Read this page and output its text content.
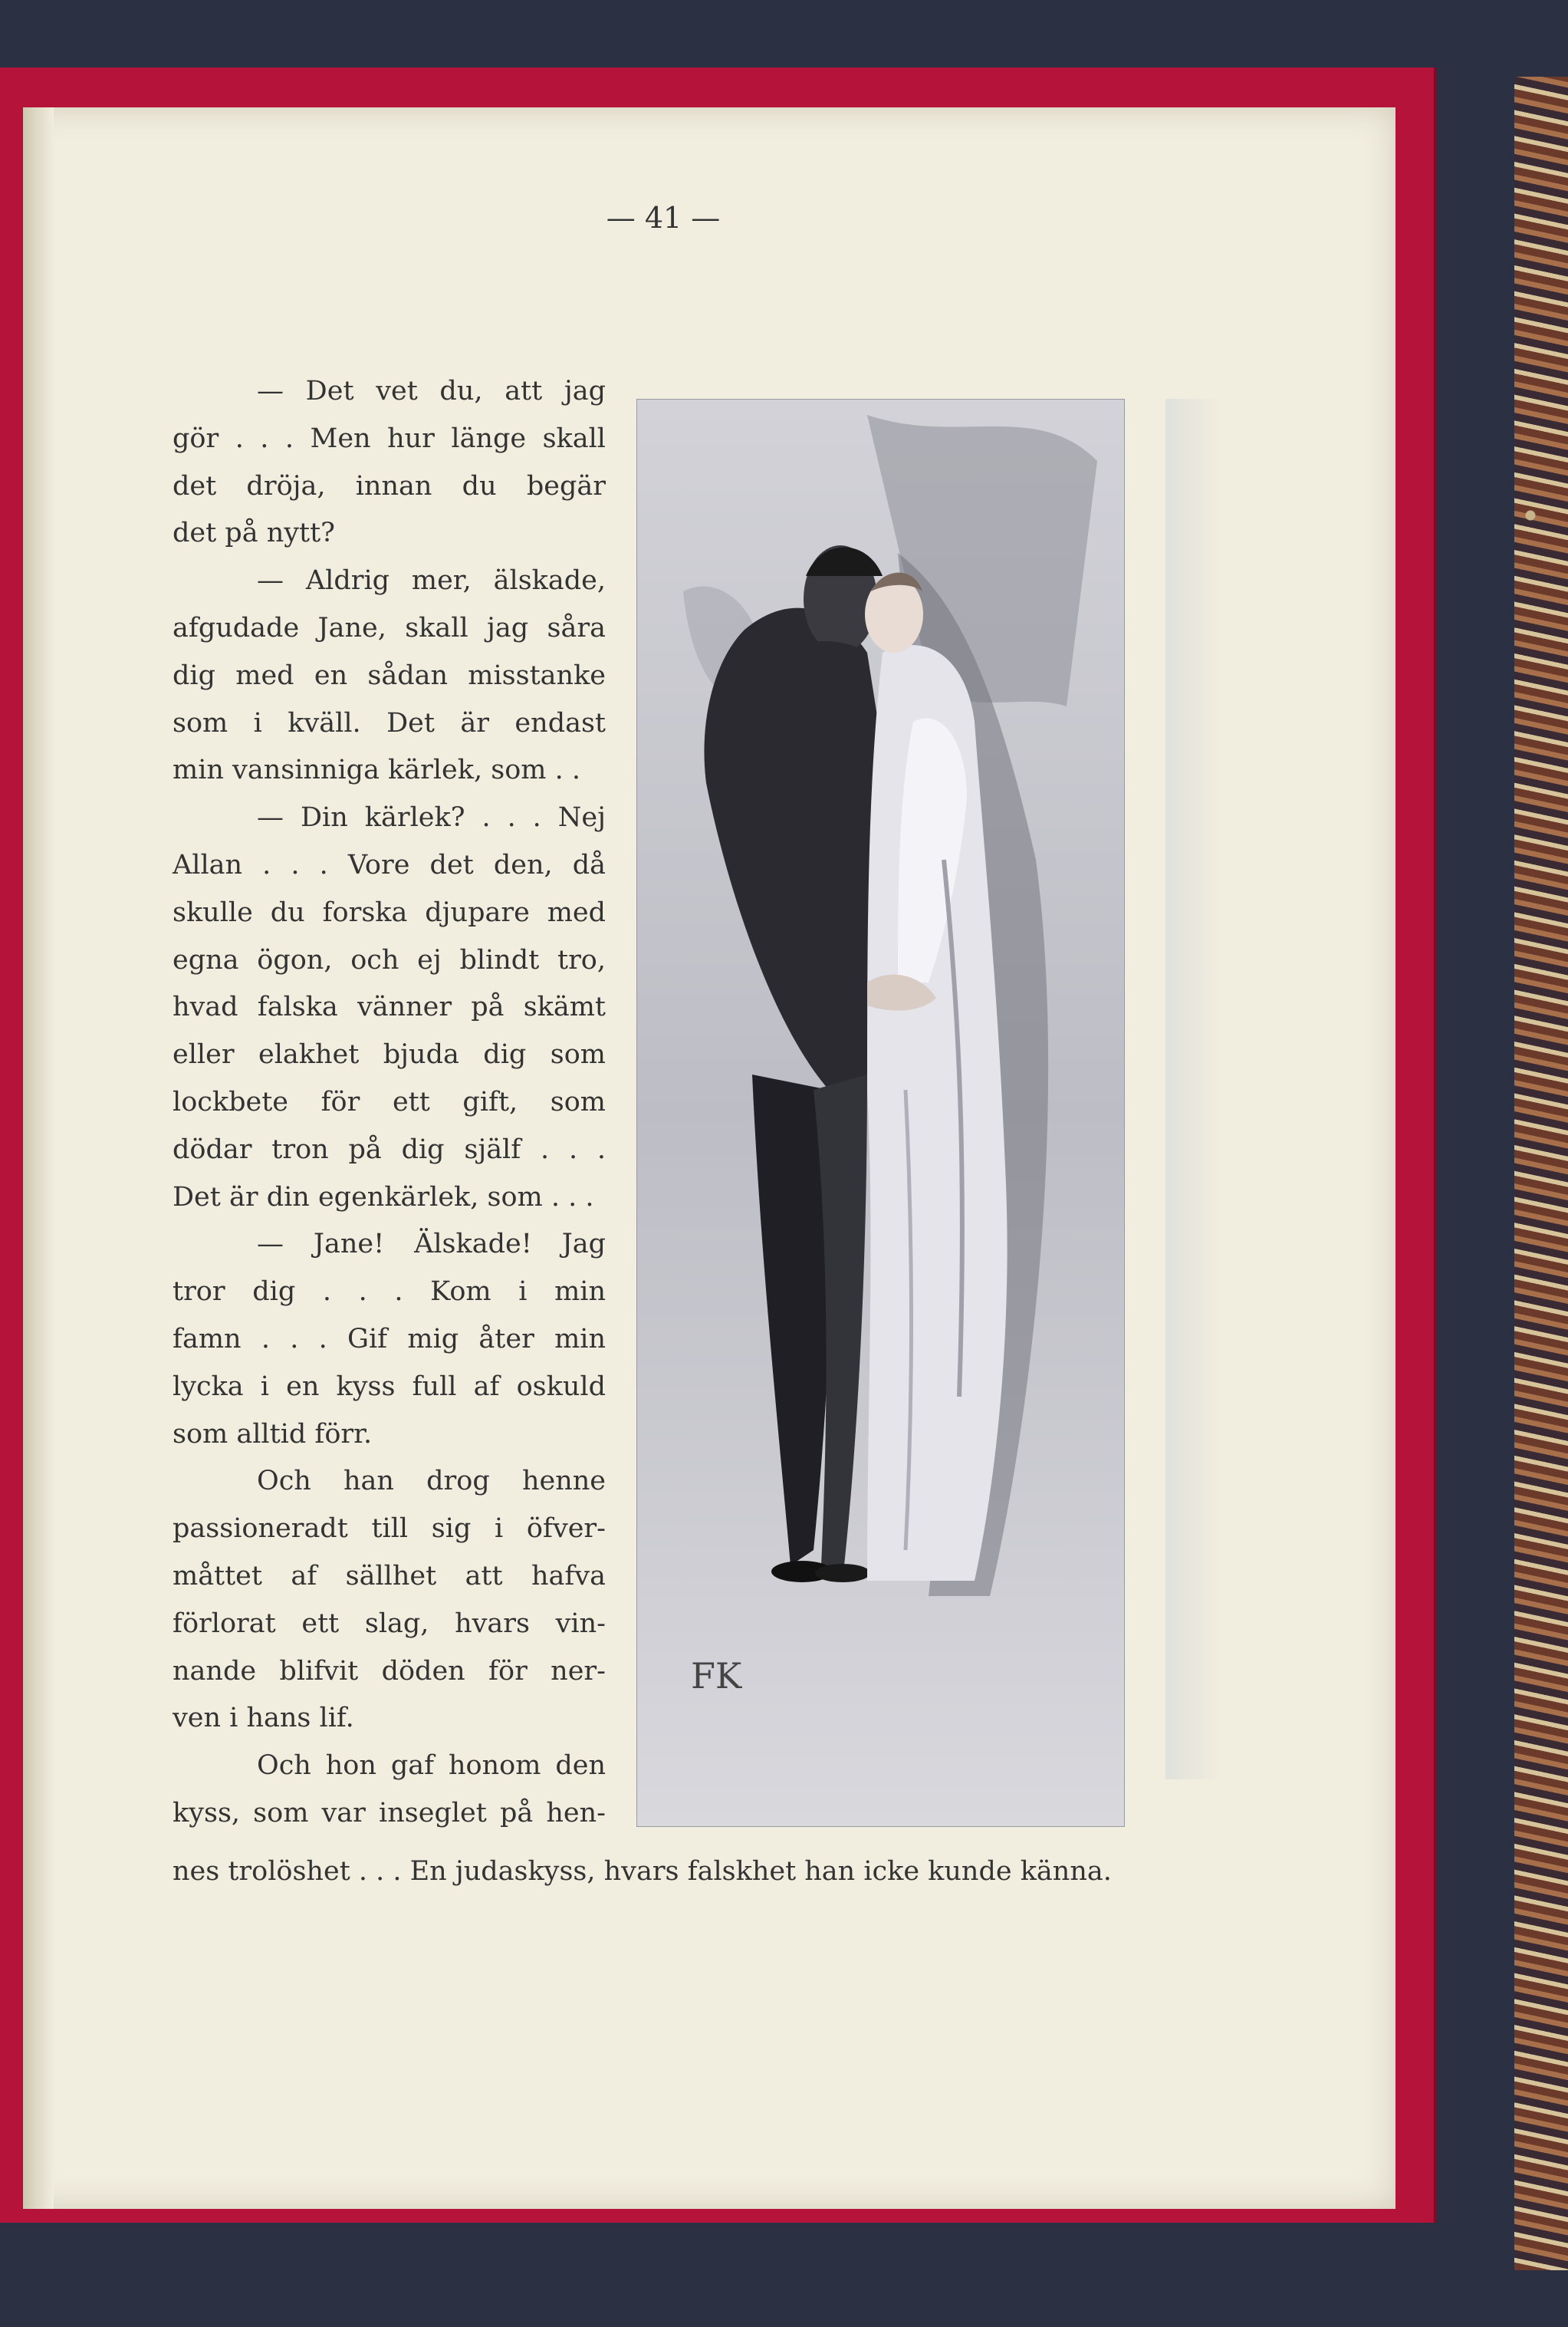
— 41 —
— Det vet du, att jag
gör . . . Men hur länge skall
det dröja, innan du begär
det på nytt?
— Aldrig mer, älskade,
afgudade Jane, skall jag såra
dig med en sådan misstanke
som i kväll. Det är endast
min vansinniga kärlek, som . .
— Din kärlek? . . . Nej
Allan . . . Vore det den, då
skulle du forska djupare med
egna ögon, och ej blindt tro,
hvad falska vänner på skämt
eller elakhet bjuda dig som
lockbete för ett gift, som
dödar tron på dig själf . . .
Det är din egenkärlek, som . . .
— Jane! Älskade! Jag
tror dig . . . Kom i min
famn . . . Gif mig åter min
lycka i en kyss full af oskuld
som alltid förr.
Och han drog henne
passioneradt till sig i öfver-
måttet af sällhet att hafva
förlorat ett slag, hvars vin-
nande blifvit döden för ner-
ven i hans lif.
Och hon gaf honom den
kyss, som var inseglet på hen-
nes trolöshet . . . En judaskyss, hvars falskhet han icke kunde känna.
FK
